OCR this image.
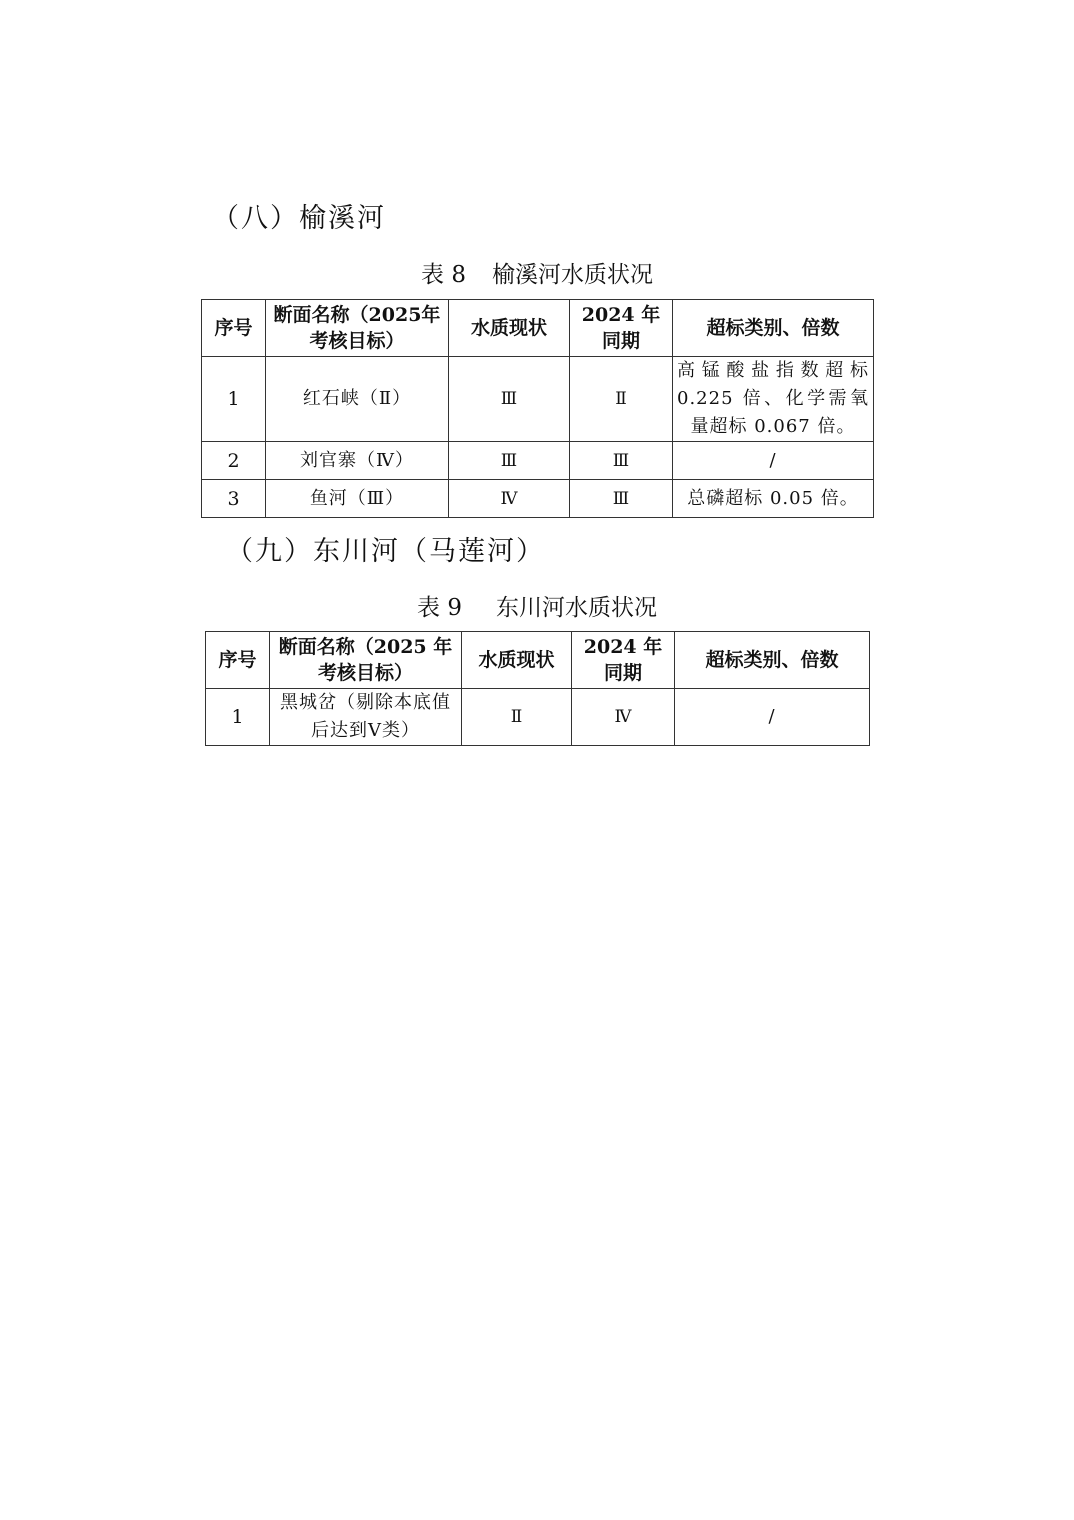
（八）榆溪河
表 8 榆溪河水质状况
序号	断面名称（2025年考核目标）	水质现状	2024 年同期	超标类别、倍数
1	红石峡（Ⅱ）	Ⅲ	Ⅱ	高锰酸盐指数超标0.225 倍、化学需氧量超标 0.067 倍。
2	刘官寨（Ⅳ）	Ⅲ	Ⅲ	/
3	鱼河（Ⅲ）	Ⅳ	Ⅲ	总磷超标 0.05 倍。
（九）东川河（马莲河）
表 9 东川河水质状况
序号	断面名称（2025 年考核目标）	水质现状	2024 年同期	超标类别、倍数
1	黑城岔（剔除本底值后达到Ⅴ类）	Ⅱ	Ⅳ	/
